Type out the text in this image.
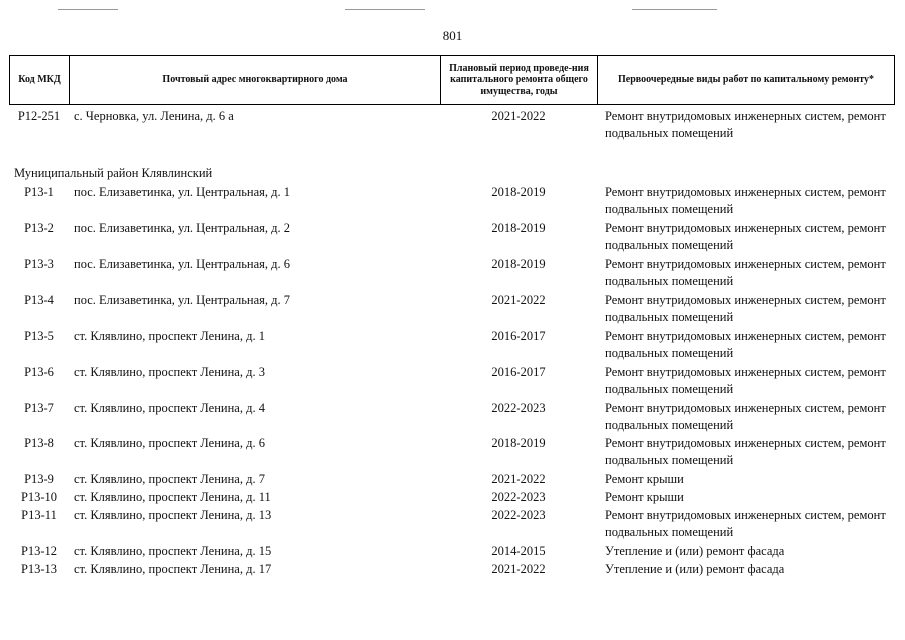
801
Код МКД	Почтовый адрес многоквартирного дома	Плановый период проведе-ния капитального ремонта общего имущества, годы	Первоочередные виды работ по капитальному ремонту*
Р12-251	с. Черновка, ул. Ленина, д. 6 а	2021-2022	Ремонт внутридомовых инженерных систем, ремонт подвальных помещений
Р13-1	пос. Елизаветинка, ул. Центральная, д. 1	2018-2019	Ремонт внутридомовых инженерных систем, ремонт подвальных помещений
Р13-2	пос. Елизаветинка, ул. Центральная, д. 2	2018-2019	Ремонт внутридомовых инженерных систем, ремонт подвальных помещений
Р13-3	пос. Елизаветинка, ул. Центральная, д. 6	2018-2019	Ремонт внутридомовых инженерных систем, ремонт подвальных помещений
Р13-4	пос. Елизаветинка, ул. Центральная, д. 7	2021-2022	Ремонт внутридомовых инженерных систем, ремонт подвальных помещений
Р13-5	ст. Клявлино, проспект Ленина, д. 1	2016-2017	Ремонт внутридомовых инженерных систем, ремонт подвальных помещений
Р13-6	ст. Клявлино, проспект Ленина, д. 3	2016-2017	Ремонт внутридомовых инженерных систем, ремонт подвальных помещений
Р13-7	ст. Клявлино, проспект Ленина, д. 4	2022-2023	Ремонт внутридомовых инженерных систем, ремонт подвальных помещений
Р13-8	ст. Клявлино, проспект Ленина, д. 6	2018-2019	Ремонт внутридомовых инженерных систем, ремонт подвальных помещений
Р13-9	ст. Клявлино, проспект Ленина, д. 7	2021-2022	Ремонт крыши
Р13-10	ст. Клявлино, проспект Ленина, д. 11	2022-2023	Ремонт крыши
Р13-11	ст. Клявлино, проспект Ленина, д. 13	2022-2023	Ремонт внутридомовых инженерных систем, ремонт подвальных помещений
Р13-12	ст. Клявлино, проспект Ленина, д. 15	2014-2015	Утепление и (или) ремонт фасада
Р13-13	ст. Клявлино, проспект Ленина, д. 17	2021-2022	Утепление и (или) ремонт фасада
Муниципальный район Клявлинский
